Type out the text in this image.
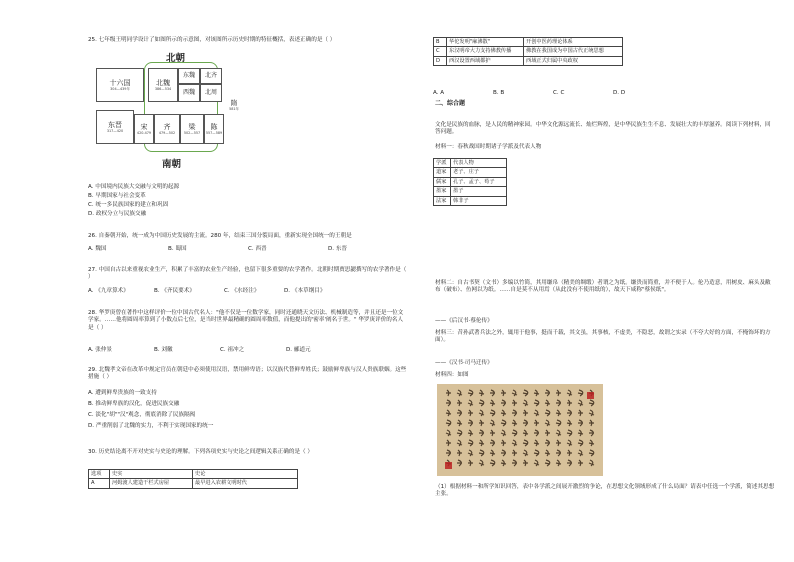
25. 七年级王明同学设计了如图所示的示意图，对该图所示历史时期的特征概括，表述正确的是（ ）
北朝
十六国
304—439年
北魏
386—534
东魏
西魏
北齐
北周
隋
581年
东晋
317—420 宋
420-479
齐
479—502
梁
502—557
陈
557—589
南朝
A. 中国境内民族大交融与文明的起源
B. 早期国家与社会变革
C. 统一多民族国家的建立和巩固
D. 政权分立与民族交融
26. 自秦朝开始，统一成为中国历史发展的主流。280 年，结束三国分裂局面，重新实现全国统一的王朝是
A. 魏国	B. 蜀国	C. 西晋	D. 东晋
27. 中国自古以来重视农业生产，积累了丰富的农业生产经验，也留下很多重要的农学著作。北朝时期贾思勰撰写的农学著作是（ ）
A. 《九章算术》	B. 《齐民要术》	C. 《水经注》	D. 《本草纲目》
28. 华罗庚曾在著作中这样评价一位中国古代名人："他不仅是一位数学家，同时还通晓天文历法、机械制造等，并且还是一位文学家。……他将圆周率算到了小数点后七位，是当时世界最精确的圆周率数值，而他提出的'密率'阐名于世。" 华罗庚评价的名人是（ ）
A. 张仲景	B. 刘徽	C. 祖冲之	D. 郦道元
29. 北魏孝文帝在改革中规定官员在朝廷中必须使用汉语，禁用鲜卑语；以汉族代替鲜卑姓氏；鼓励鲜卑族与汉人贵族联姻。这些措施（ ）
A. 遭到鲜卑贵族的一致支持
B. 推动鲜卑族的汉化，促进民族交融
C. 淡化"胡""汉"观念，彻底消除了民族隔阂
D. 严重削弱了北魏的实力，不利于实现国家的统一
30. 历史结论离不开对史实与史论的理解。下列各项史实与史论之间逻辑关系正确的是（ ）
选项	史实	史论
A	河姆渡人建造干栏式房屋	最早进入农耕文明时代
B	华佗发明"麻沸散"	开创中医药理论体系
C	东汉明帝大力支持佛教传播	佛教在我国成为中国古代正统思想
D	西汉设置西域都护	西域正式归属中央政权
A. A	B. B	C. C	D. D
二、综合题
文化是民族的血脉，是人民的精神家园。中华文化源远流长、灿烂辉煌，是中华民族生生不息、发展壮大的丰厚滋养。阅读下列材料，回答问题。
材料一：春秋战国时期诸子学派及代表人物
学派	代表人物
道家	老子、庄子
儒家	孔子、孟子、荀子
墨家	墨子
法家	韩非子
材料二：自古书契（文书）多编以竹简，其用缣帛（精美的绸缎）者谓之为纸。缣贵而简重，并不便于人。伦乃造意，用树皮、麻头及敝布（破布）、鱼网以为纸。……自是莫不从用焉（从此没有不使用纸的），故天下咸称"蔡侯纸"。
——《后汉书·蔡伦传》
材料三：昔孙武著兵法之外，辄用于他事，挺而千载，其文虽，其事核，不虚美，不隐恶，故谓之实录（不夸大好的方面，不掩饰坏的方面）。
——《汉书·司马迁传》
材料四：如图
（1）根据材料一和所学知识回答，表中各学派之间展开激烈的争论，在思想文化领域形成了什么局面？请表中任选一个学派，简述其思想主张。
